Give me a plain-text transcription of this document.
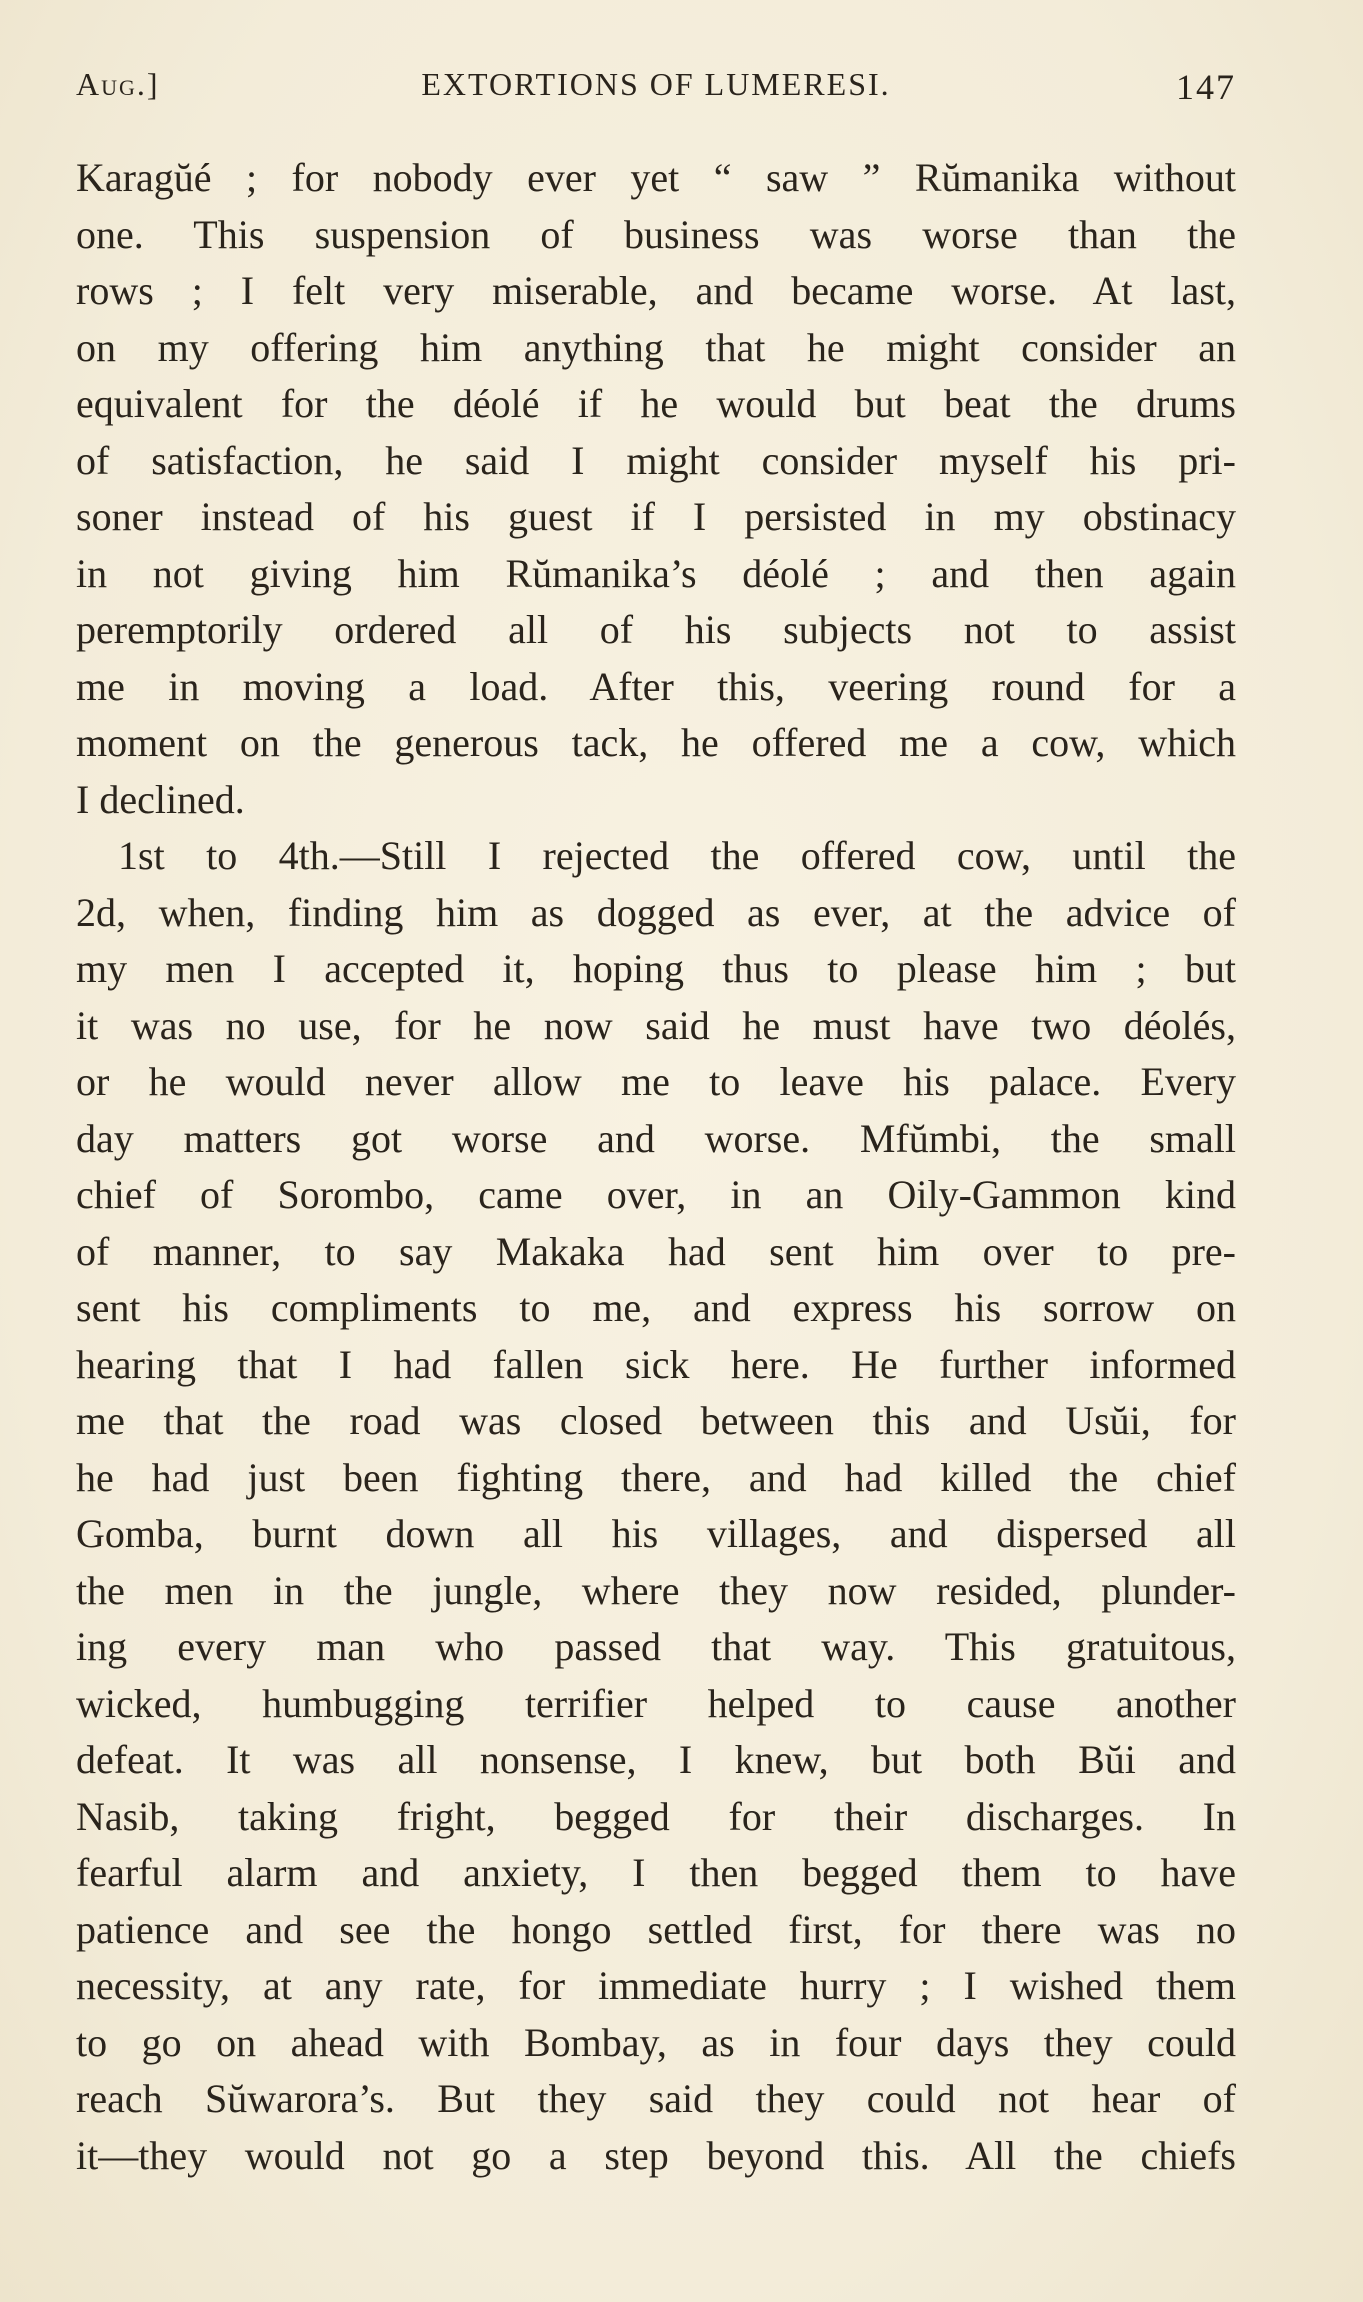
Aug.]	EXTORTIONS OF LUMERESI.	147
Karagŭé ; for nobody ever yet “ saw ” Rŭmanika without
one. This suspension of business was worse than the
rows ; I felt very miserable, and became worse. At last,
on my offering him anything that he might consider an
equivalent for the déolé if he would but beat the drums
of satisfaction, he said I might consider myself his pri-
soner instead of his guest if I persisted in my obstinacy
in not giving him Rŭmanika’s déolé ; and then again
peremptorily ordered all of his subjects not to assist
me in moving a load. After this, veering round for a
moment on the generous tack, he offered me a cow, which
I declined.
1st to 4th.—Still I rejected the offered cow, until the
2d, when, finding him as dogged as ever, at the advice of
my men I accepted it, hoping thus to please him ; but
it was no use, for he now said he must have two déolés,
or he would never allow me to leave his palace. Every
day matters got worse and worse. Mfŭmbi, the small
chief of Sorombo, came over, in an Oily-Gammon kind
of manner, to say Makaka had sent him over to pre-
sent his compliments to me, and express his sorrow on
hearing that I had fallen sick here. He further informed
me that the road was closed between this and Usŭi, for
he had just been fighting there, and had killed the chief
Gomba, burnt down all his villages, and dispersed all
the men in the jungle, where they now resided, plunder-
ing every man who passed that way. This gratuitous,
wicked, humbugging terrifier helped to cause another
defeat. It was all nonsense, I knew, but both Bŭi and
Nasib, taking fright, begged for their discharges. In
fearful alarm and anxiety, I then begged them to have
patience and see the hongo settled first, for there was no
necessity, at any rate, for immediate hurry ; I wished them
to go on ahead with Bombay, as in four days they could
reach Sŭwarora’s. But they said they could not hear of
it—they would not go a step beyond this. All the chiefs
